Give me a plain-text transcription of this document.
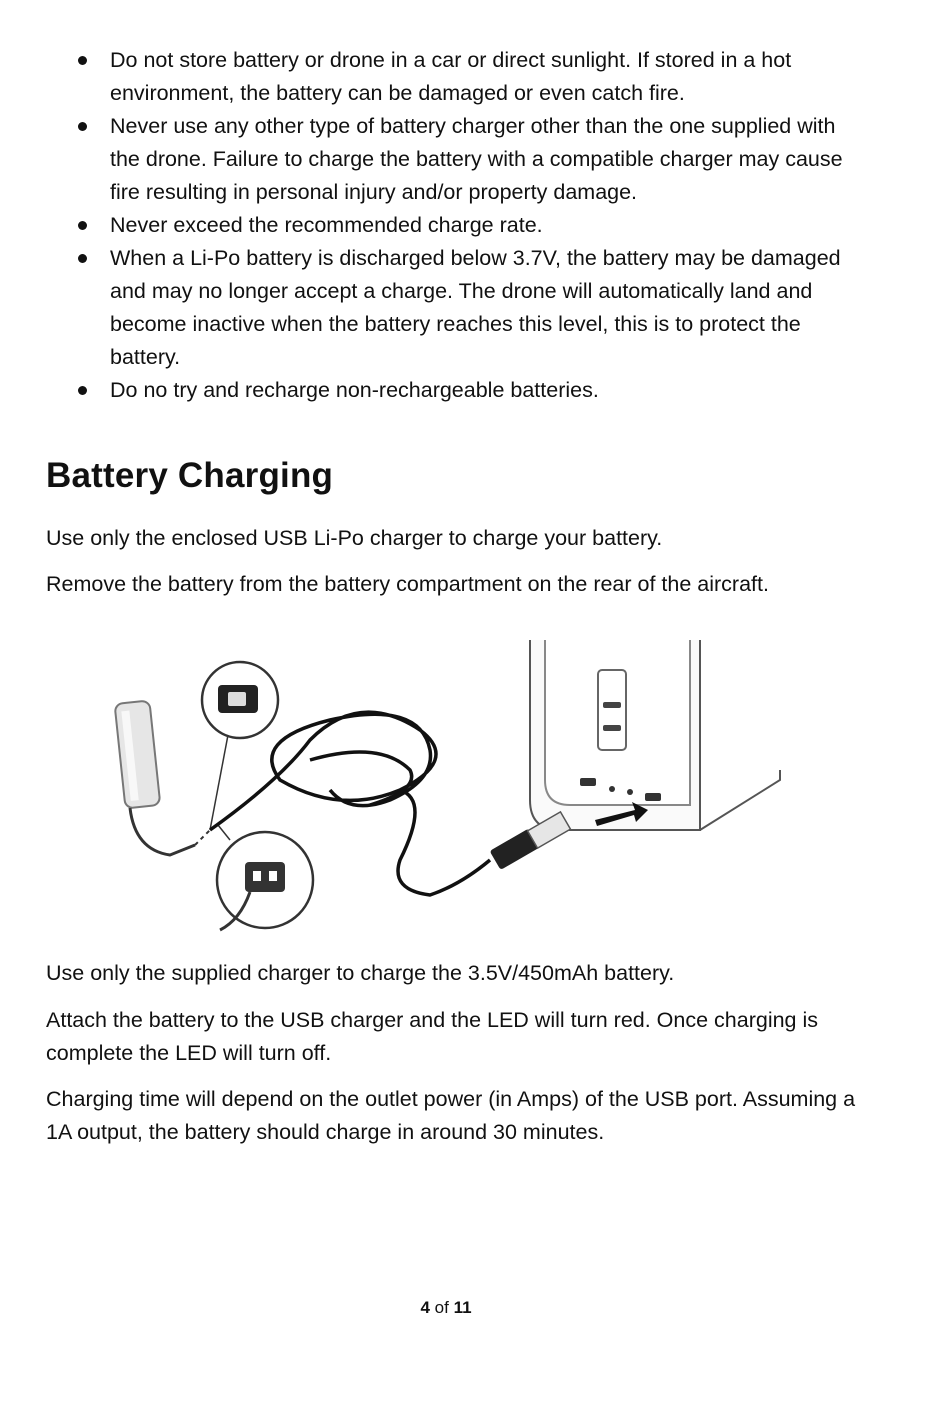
Do not store battery or drone in a car or direct sunlight. If stored in a hot environment, the battery can be damaged or even catch fire.
Never use any other type of battery charger other than the one supplied with the drone. Failure to charge the battery with a compatible charger may cause fire resulting in personal injury and/or property damage.
Never exceed the recommended charge rate.
When a Li-Po battery is discharged below 3.7V, the battery may be damaged and may no longer accept a charge. The drone will automatically land and become inactive when the battery reaches this level, this is to protect the battery.
Do no try and recharge non-rechargeable batteries.
Battery Charging

Use only the enclosed USB Li-Po charger to charge your battery.

Remove the battery from the battery compartment on the rear of the aircraft.

Use only the supplied charger to charge the 3.5V/450mAh battery.

Attach the battery to the USB charger and the LED will turn red. Once charging is complete the LED will turn off.

Charging time will depend on the outlet power (in Amps) of the USB port. Assuming a 1A output, the battery should charge in around 30 minutes.

4 of 11
